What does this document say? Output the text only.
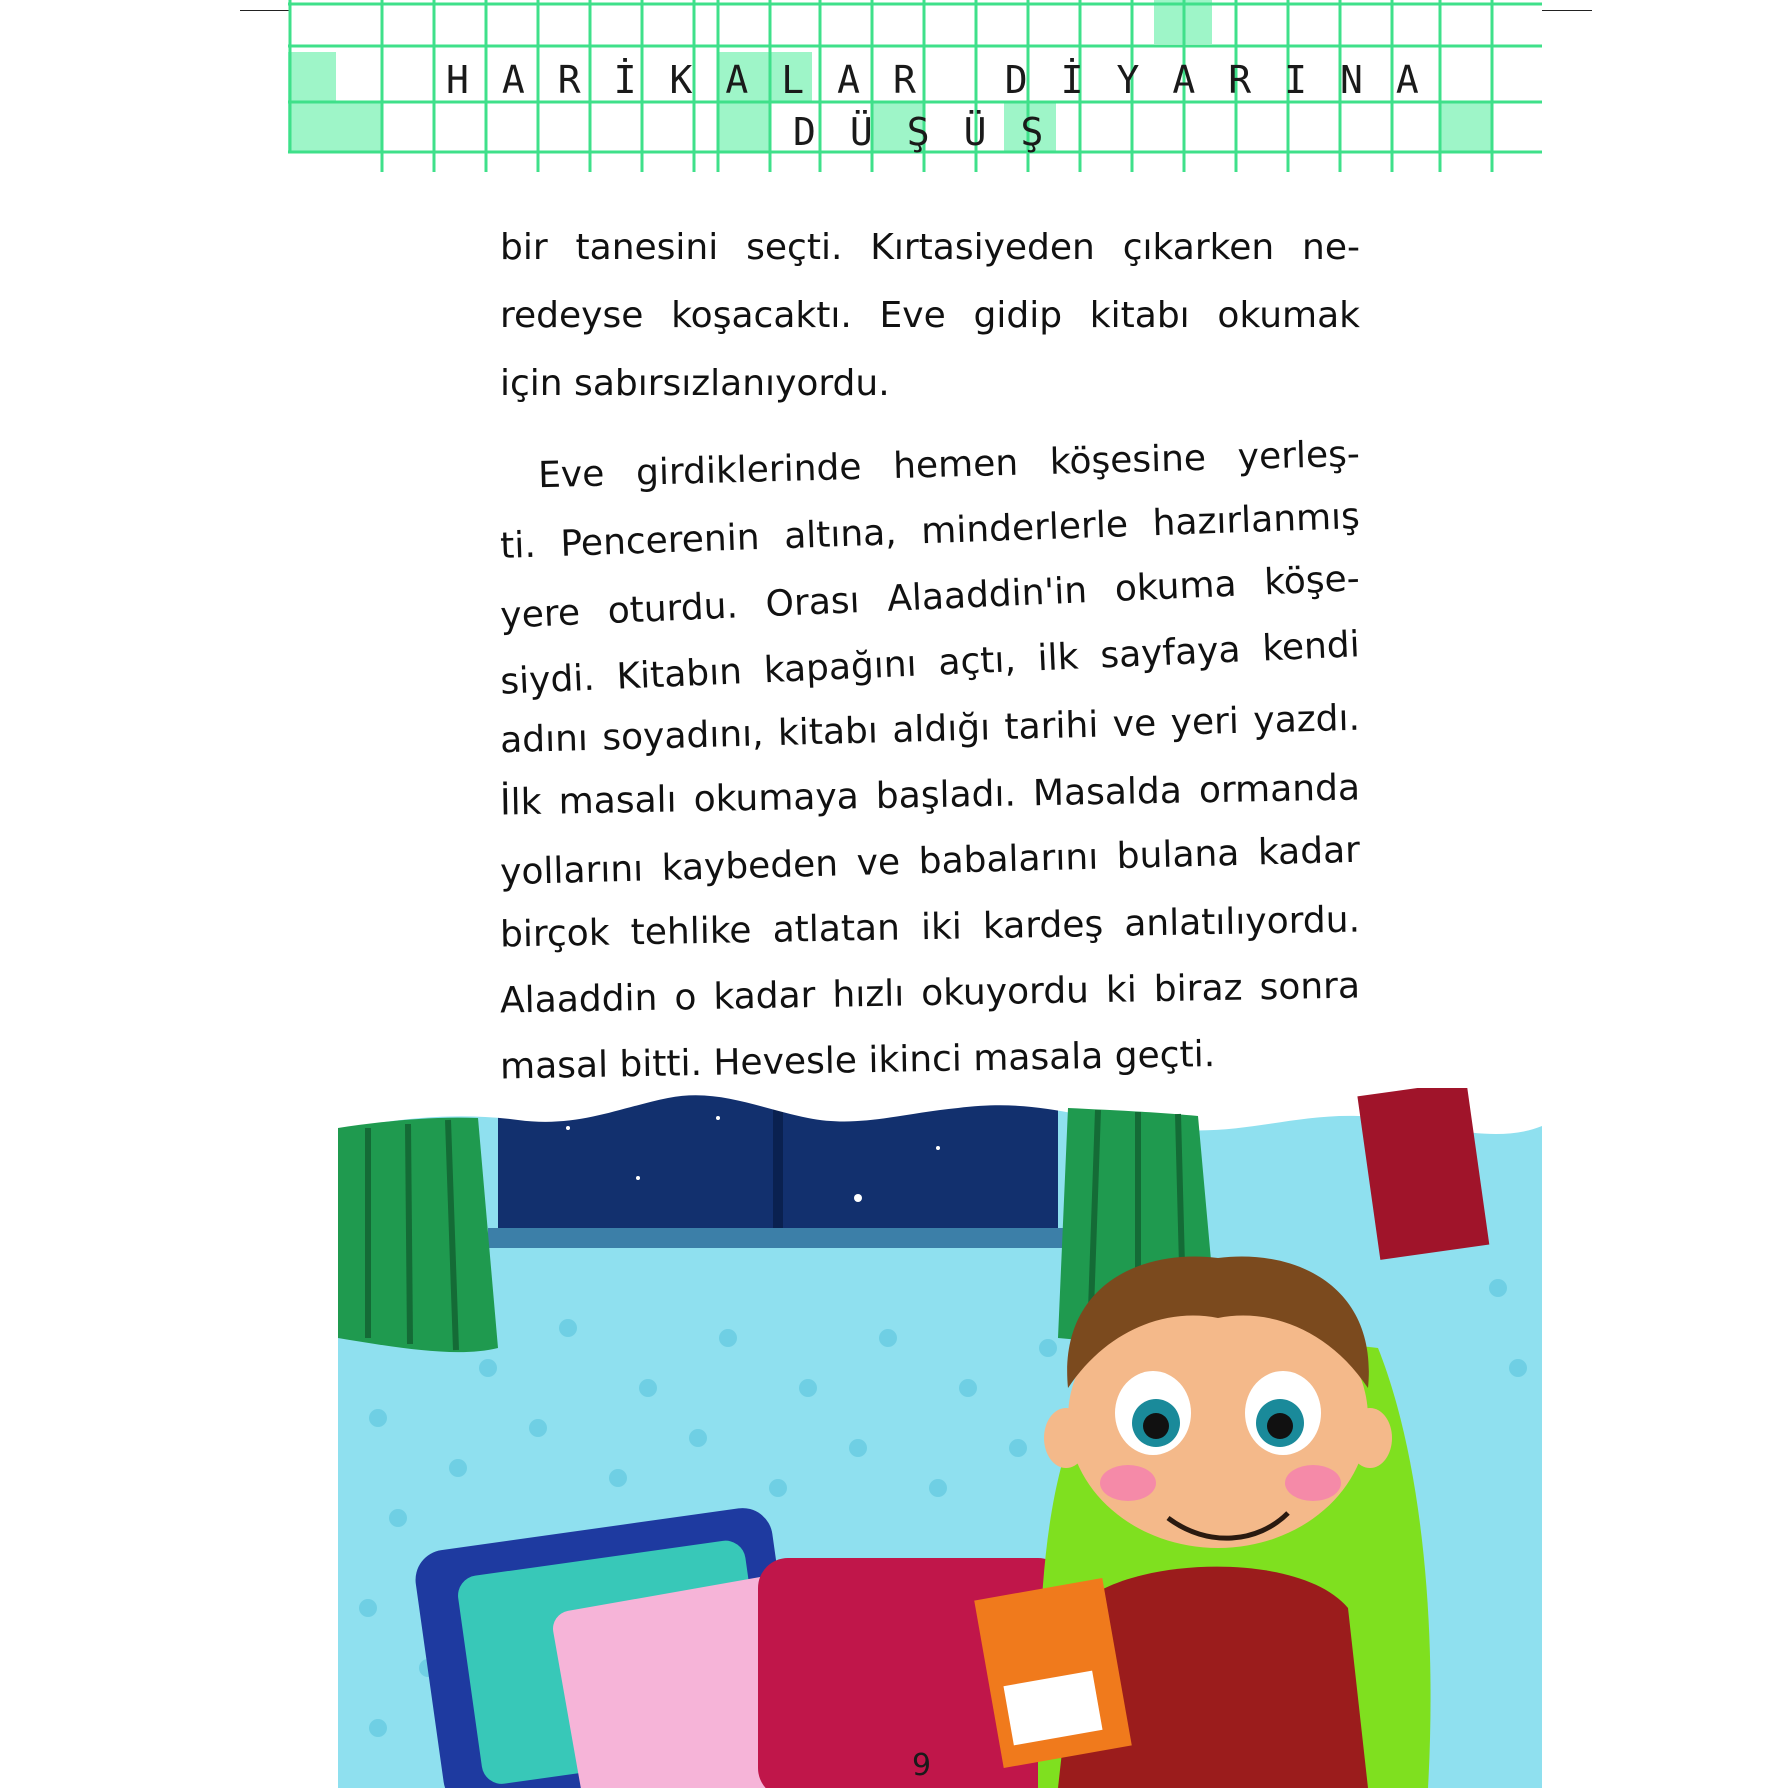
HARİKALAR DİYARINA
DÜŞÜŞ
bir tanesini seçti. Kırtasiyeden çıkarken ne-
redeyse koşacaktı. Eve gidip kitabı okumak
için sabırsızlanıyordu.
Eve girdiklerinde hemen köşesine yerleş-
ti. Pencerenin altına, minderlerle hazırlanmış
yere oturdu. Orası Alaaddin'in okuma köşe-
siydi. Kitabın kapağını açtı, ilk sayfaya kendi
adını soyadını, kitabı aldığı tarihi ve yeri yazdı.
İlk masalı okumaya başladı. Masalda ormanda
yollarını kaybeden ve babalarını bulana kadar
birçok tehlike atlatan iki kardeş anlatılıyordu.
Alaaddin o kadar hızlı okuyordu ki biraz sonra
masal bitti. Hevesle ikinci masala geçti.
9
